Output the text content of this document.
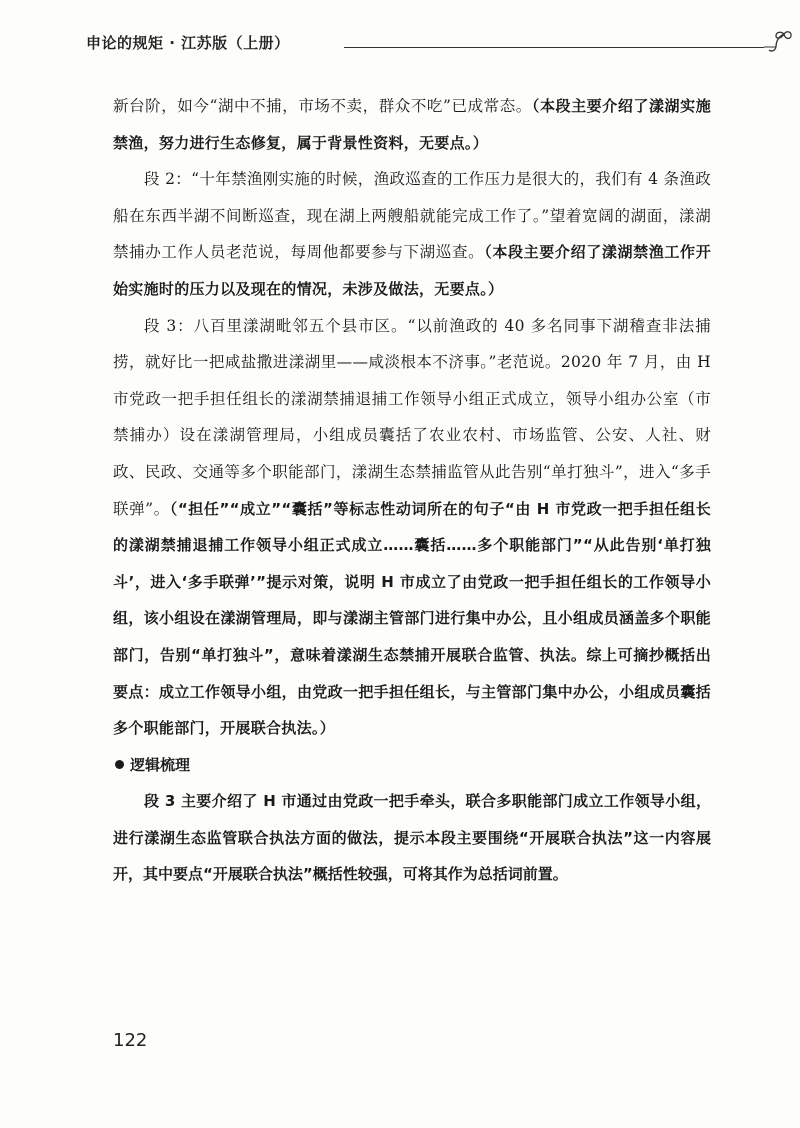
申论的规矩 · 江苏版（上册）

新台阶，如今“湖中不捕，市场不卖，群众不吃”已成常态。（本段主要介绍了漾湖实施禁渔，努力进行生态修复，属于背景性资料，无要点。）

段 2：“十年禁渔刚实施的时候，渔政巡查的工作压力是很大的，我们有 4 条渔政船在东西半湖不间断巡查，现在湖上两艘船就能完成工作了。”望着宽阔的湖面，漾湖禁捕办工作人员老范说，每周他都要参与下湖巡查。（本段主要介绍了漾湖禁渔工作开始实施时的压力以及现在的情况，未涉及做法，无要点。）

段 3：八百里漾湖毗邻五个县市区。“以前渔政的 40 多名同事下湖稽查非法捕捞，就好比一把咸盐撒进漾湖里——咸淡根本不济事。”老范说。2020 年 7 月，由 H 市党政一把手担任组长的漾湖禁捕退捕工作领导小组正式成立，领导小组办公室（市禁捕办）设在漾湖管理局，小组成员囊括了农业农村、市场监管、公安、人社、财政、民政、交通等多个职能部门，漾湖生态禁捕监管从此告别“单打独斗”，进入“多手联弹”。（“担任”“成立”“囊括”等标志性动词所在的句子“由 H 市党政一把手担任组长的漾湖禁捕退捕工作领导小组正式成立……囊括……多个职能部门”“从此告别‘单打独斗’，进入‘多手联弹’”提示对策，说明 H 市成立了由党政一把手担任组长的工作领导小组，该小组设在漾湖管理局，即与漾湖主管部门进行集中办公，且小组成员涵盖多个职能部门，告别“单打独斗”，意味着漾湖生态禁捕开展联合监管、执法。综上可摘抄概括出要点：成立工作领导小组，由党政一把手担任组长，与主管部门集中办公，小组成员囊括多个职能部门，开展联合执法。）

逻辑梳理

段 3 主要介绍了 H 市通过由党政一把手牵头，联合多职能部门成立工作领导小组，进行漾湖生态监管联合执法方面的做法，提示本段主要围绕“开展联合执法”这一内容展开，其中要点“开展联合执法”概括性较强，可将其作为总括词前置。

122
